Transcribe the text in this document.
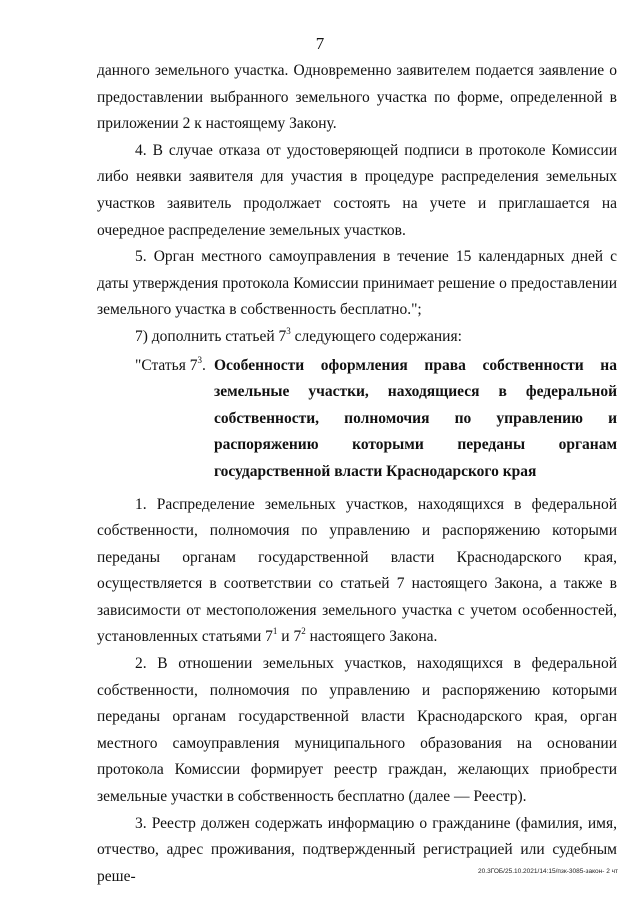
7

данного земельного участка. Одновременно заявителем подается заявление о предоставлении выбранного земельного участка по форме, определенной в приложении 2 к настоящему Закону.

4. В случае отказа от удостоверяющей подписи в протоколе Комиссии либо неявки заявителя для участия в процедуре распределения земельных участков заявитель продолжает состоять на учете и приглашается на очередное распределение земельных участков.

5. Орган местного самоуправления в течение 15 календарных дней с даты утверждения протокола Комиссии принимает решение о предоставлении земельного участка в собственность бесплатно.";

7) дополнить статьей $7^3$ следующего содержания:

"Статья $7^3$. Особенности оформления права собственности на земельные участки, находящиеся в федеральной собственности, полномочия по управлению и распоряжению которыми переданы органам государственной власти Краснодарского края

1. Распределение земельных участков, находящихся в федеральной собственности, полномочия по управлению и распоряжению которыми переданы органам государственной власти Краснодарского края, осуществляется в соответствии со статьей 7 настоящего Закона, а также в зависимости от местоположения земельного участка с учетом особенностей, установленных статьями $7^1$ и $7^2$ настоящего Закона.

2. В отношении земельных участков, находящихся в федеральной собственности, полномочия по управлению и распоряжению которыми переданы органам государственной власти Краснодарского края, орган местного самоуправления муниципального образования на основании протокола Комиссии формирует реестр граждан, желающих приобрести земельные участки в собственность бесплатно (далее — Реестр).

3. Реестр должен содержать информацию о гражданине (фамилия, имя, отчество, адрес проживания, подтвержденный регистрацией или судебным реше-	20.3ГОБ/25.10.2021/14:15/пзк-3085-закон- 2 чт
